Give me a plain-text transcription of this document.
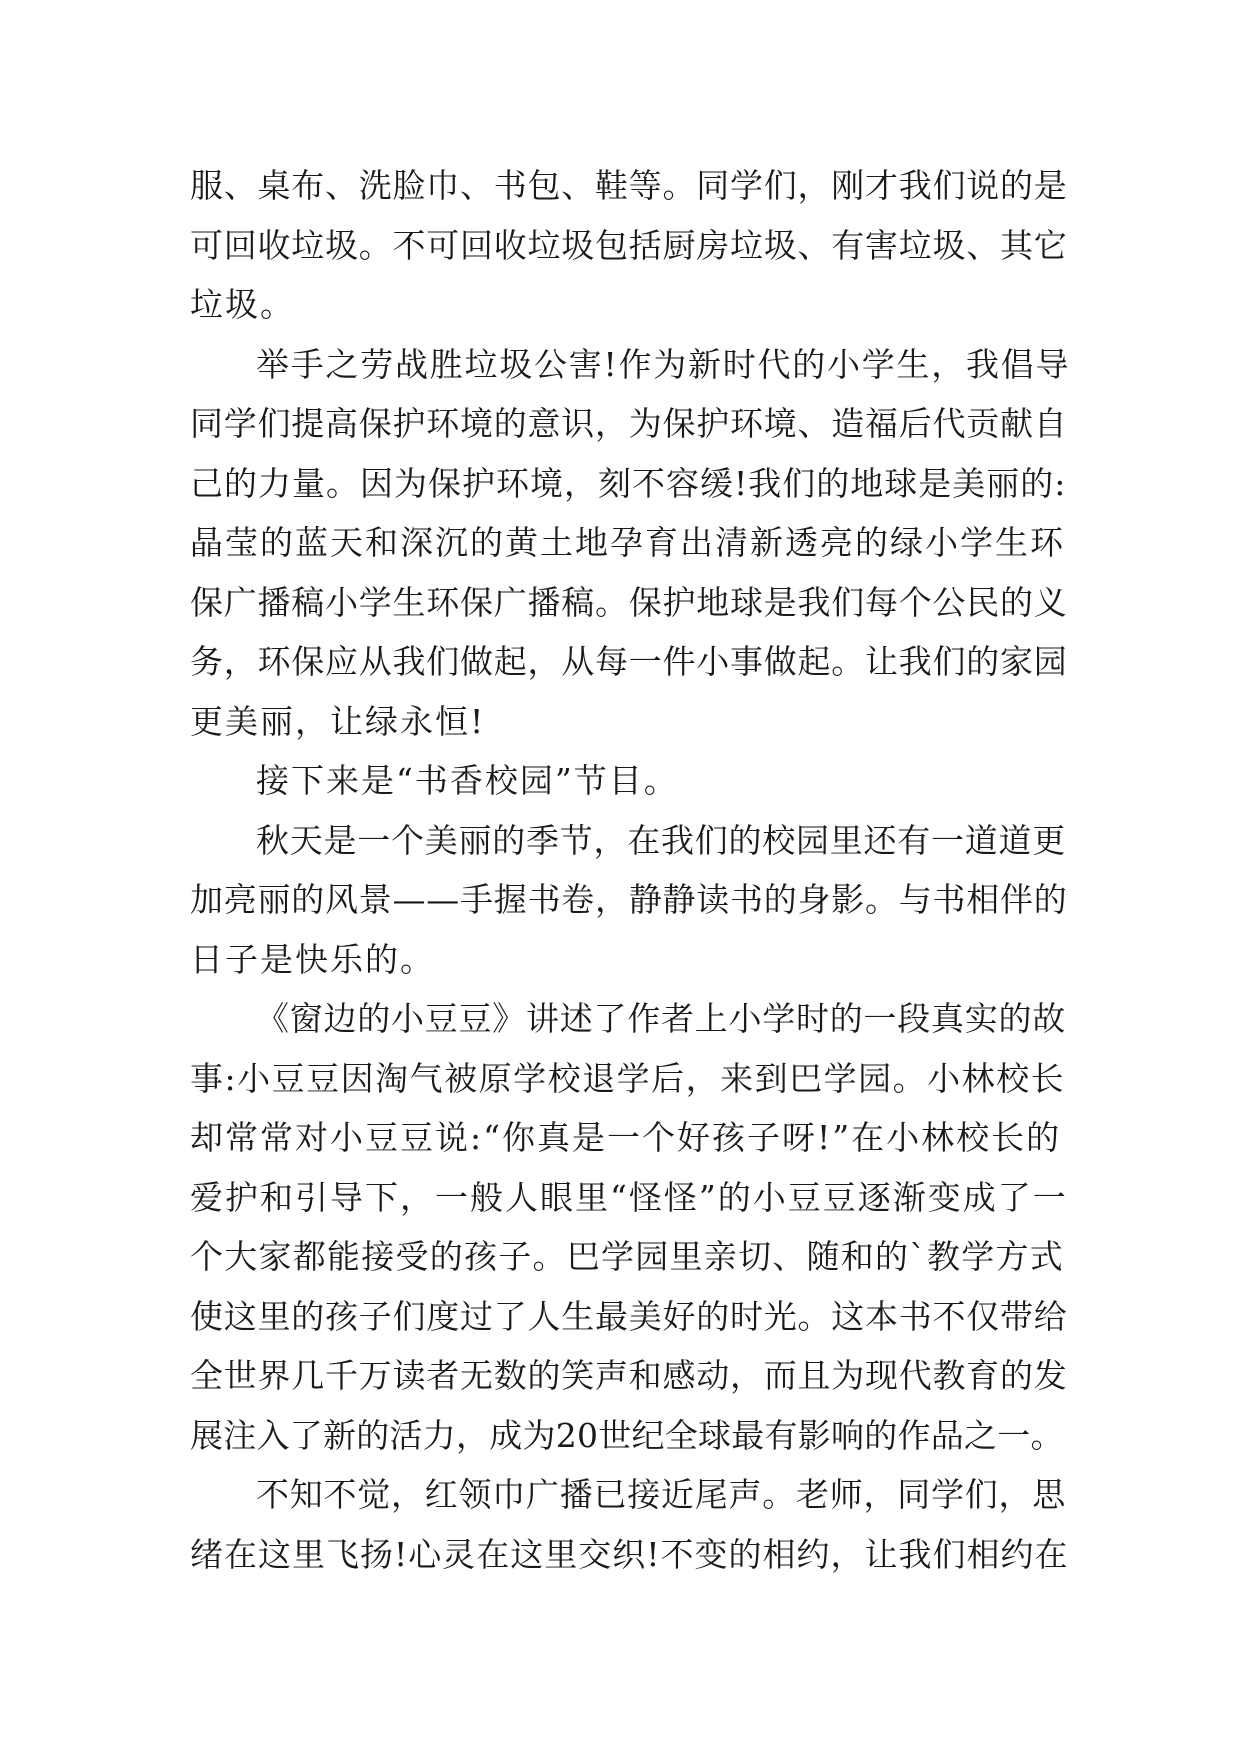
服、桌布、洗脸巾、书包、鞋等。同学们，刚才我们说的是
可回收垃圾。不可回收垃圾包括厨房垃圾、有害垃圾、其它
垃圾。
举手之劳战胜垃圾公害!作为新时代的小学生，我倡导
同学们提高保护环境的意识，为保护环境、造福后代贡献自
己的力量。因为保护环境，刻不容缓!我们的地球是美丽的:
晶莹的蓝天和深沉的黄土地孕育出清新透亮的绿小学生环
保广播稿小学生环保广播稿。保护地球是我们每个公民的义
务，环保应从我们做起，从每一件小事做起。让我们的家园
更美丽，让绿永恒!
接下来是“书香校园”节目。
秋天是一个美丽的季节，在我们的校园里还有一道道更
加亮丽的风景——手握书卷，静静读书的身影。与书相伴的
日子是快乐的。
《窗边的小豆豆》讲述了作者上小学时的一段真实的故
事:小豆豆因淘气被原学校退学后，来到巴学园。小林校长
却常常对小豆豆说:“你真是一个好孩子呀!”在小林校长的
爱护和引导下，一般人眼里“怪怪”的小豆豆逐渐变成了一
个大家都能接受的孩子。巴学园里亲切、随和的`教学方式
使这里的孩子们度过了人生最美好的时光。这本书不仅带给
全世界几千万读者无数的笑声和感动，而且为现代教育的发
展注入了新的活力，成为20世纪全球最有影响的作品之一。
不知不觉，红领巾广播已接近尾声。老师，同学们，思
绪在这里飞扬!心灵在这里交织!不变的相约，让我们相约在
